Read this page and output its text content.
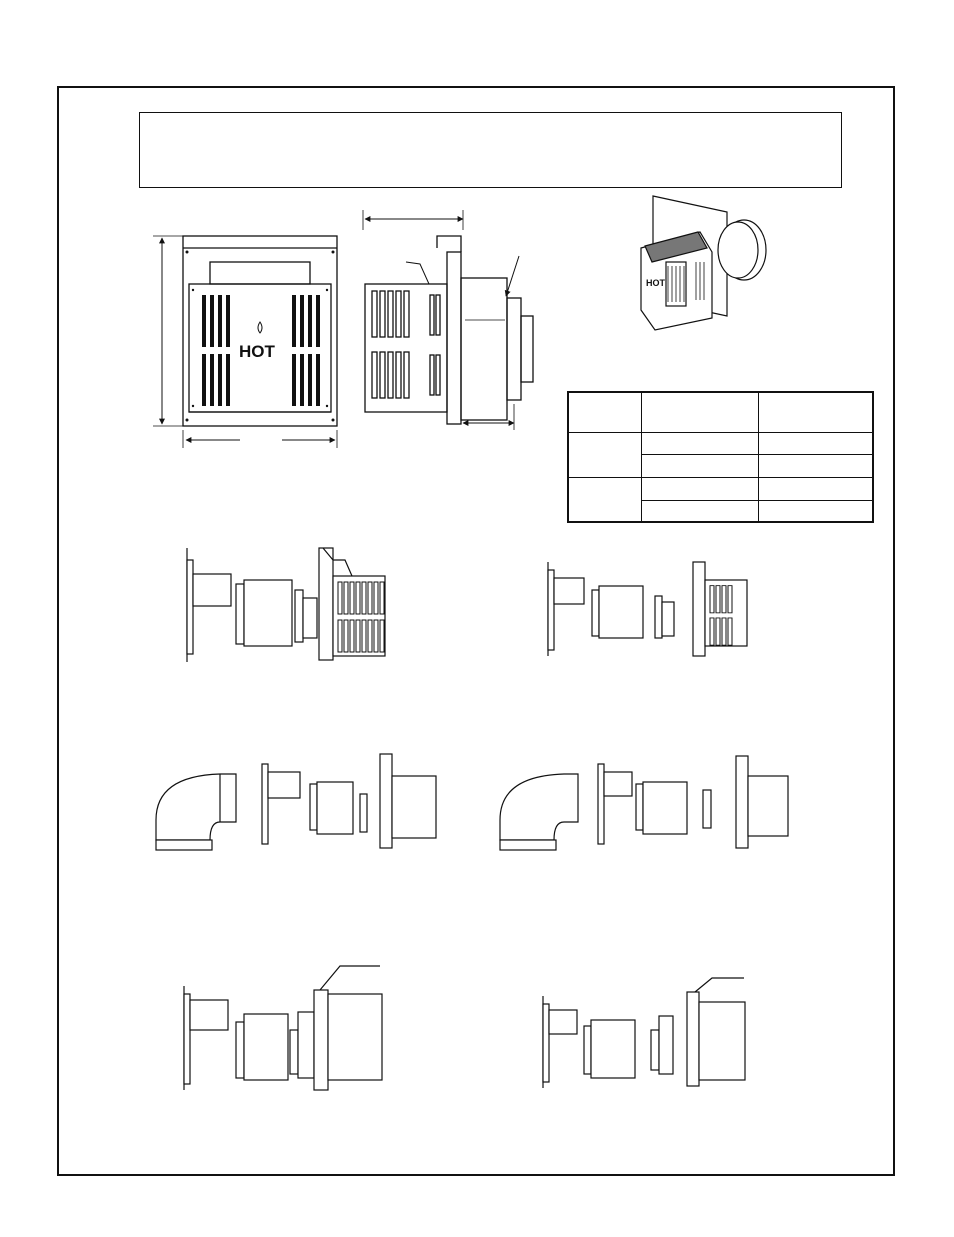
HOT
HOT
